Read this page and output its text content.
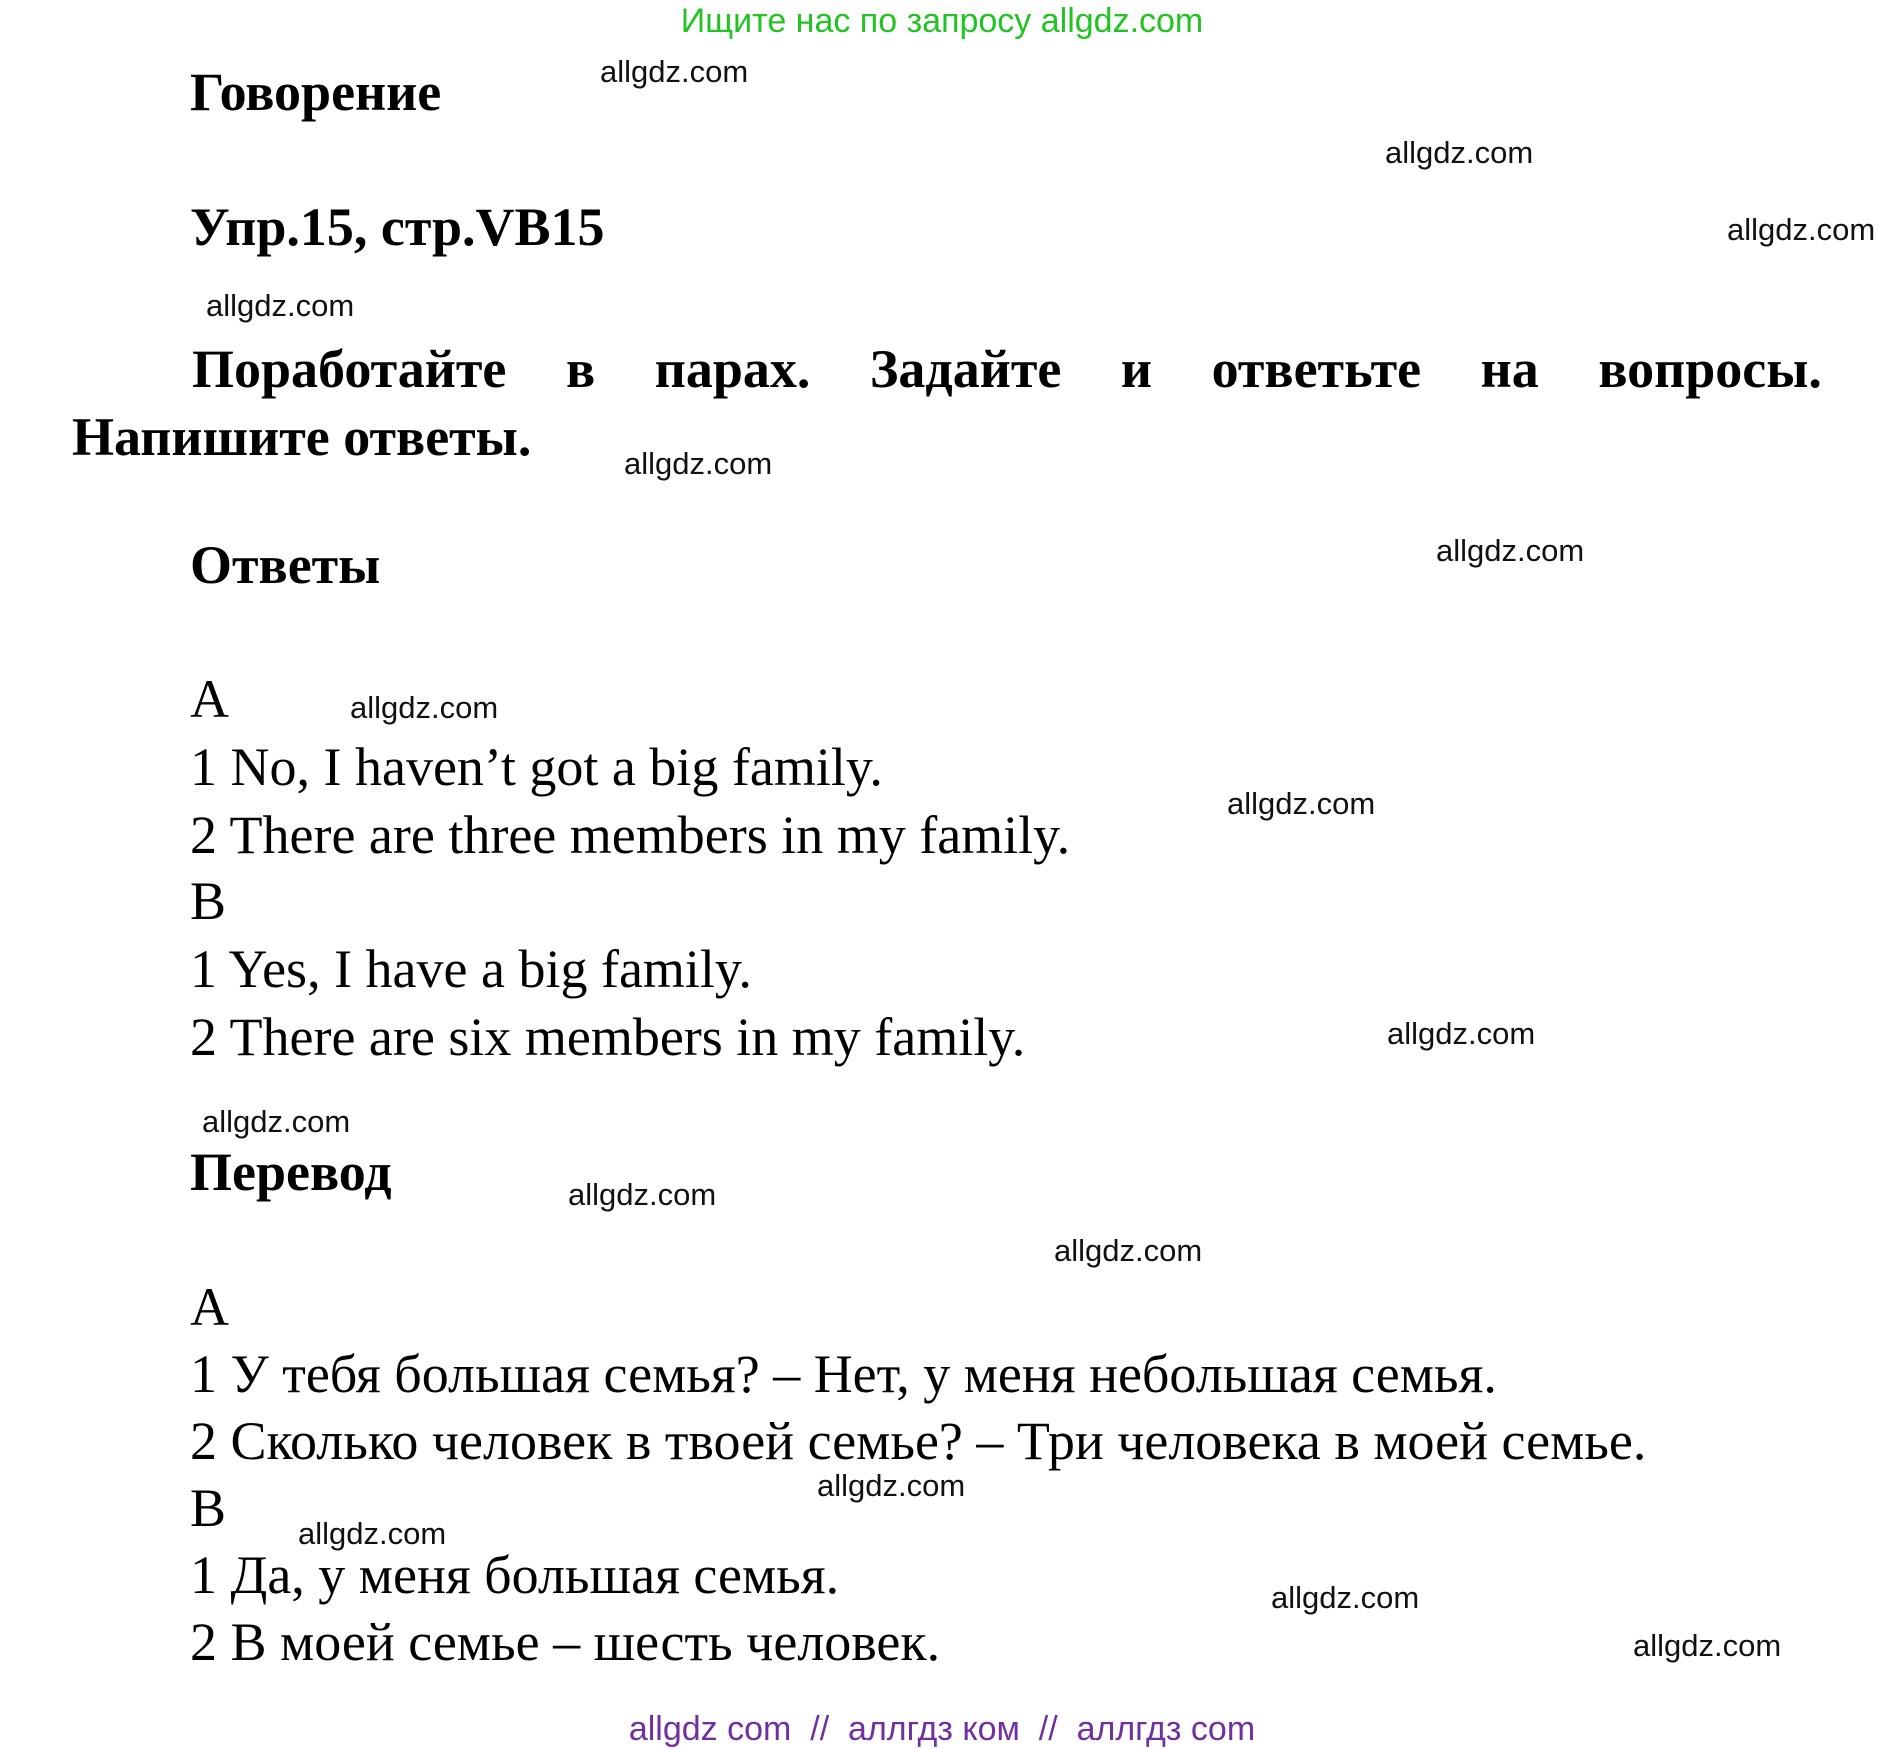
Ищите нас по запросу allgdz.com
Говорение
Упр.15, стр.VB15
Поработайте в парах. Задайте и ответьте на вопросы.
Напишите ответы.
Ответы
A
1 No, I haven’t got a big family.
2 There are three members in my family.
B
1 Yes, I have a big family.
2 There are six members in my family.
Перевод
A
1 У тебя большая семья? – Нет, у меня небольшая семья.
2 Сколько человек в твоей семье? – Три человека в моей семье.
B
1 Да, у меня большая семья.
2 В моей семье – шесть человек.
allgdz.com
allgdz.com
allgdz.com
allgdz.com
allgdz.com
allgdz.com
allgdz.com
allgdz.com
allgdz.com
allgdz.com
allgdz.com
allgdz.com
allgdz.com
allgdz.com
allgdz.com
allgdz.com
allgdz com  //  аллгдз ком  //  аллгдз com
